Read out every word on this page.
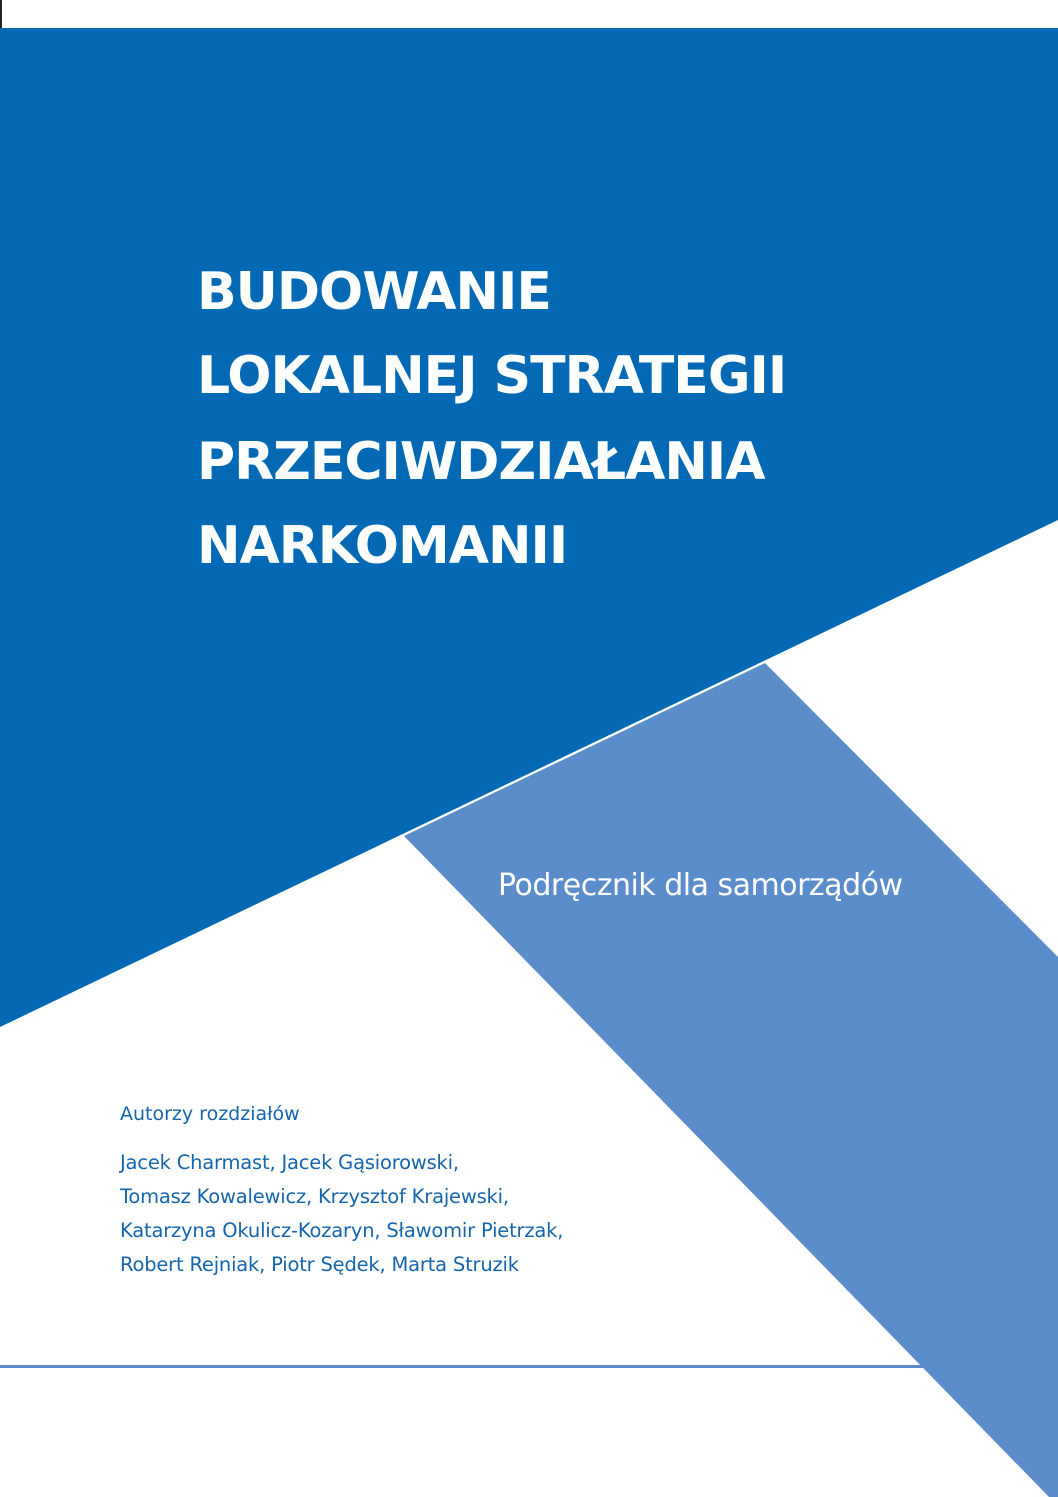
BUDOWANIE
LOKALNEJ STRATEGII
PRZECIWDZIAŁANIA
NARKOMANII

Podręcznik dla samorządów

Autorzy rozdziałów

Jacek Charmast, Jacek Gąsiorowski,

Tomasz Kowalewicz, Krzysztof Krajewski,

Katarzyna Okulicz-Kozaryn, Sławomir Pietrzak,

Robert Rejniak, Piotr Sędek, Marta Struzik
